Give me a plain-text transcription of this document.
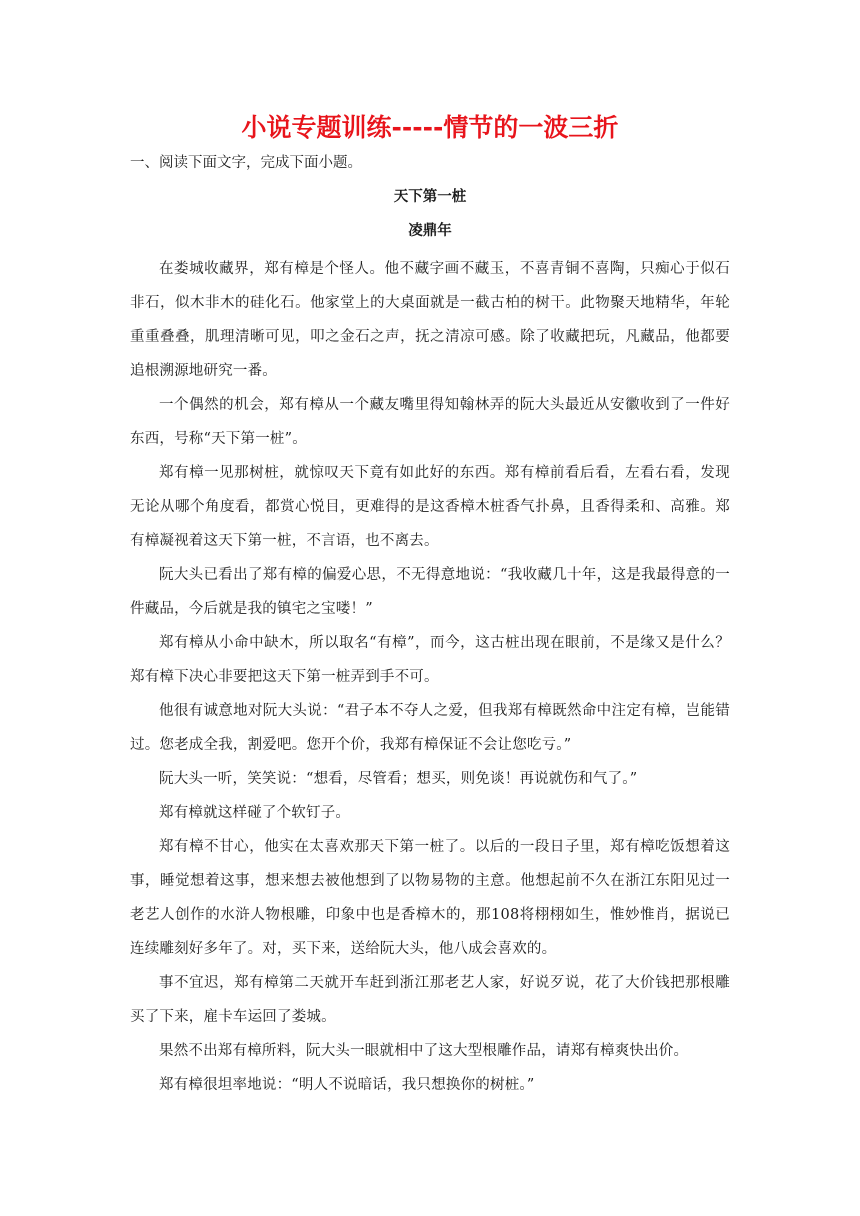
小说专题训练-----情节的一波三折

一、阅读下面文字，完成下面小题。

天下第一桩

凌鼎年

在娄城收藏界，郑有樟是个怪人。他不藏字画不藏玉，不喜青铜不喜陶，只痴心于似石非石，似木非木的硅化石。他家堂上的大桌面就是一截古柏的树干。此物聚天地精华，年轮重重叠叠，肌理清晰可见，叩之金石之声，抚之清凉可感。除了收藏把玩，凡藏品，他都要追根溯源地研究一番。

一个偶然的机会，郑有樟从一个藏友嘴里得知翰林弄的阮大头最近从安徽收到了一件好东西，号称“天下第一桩”。

郑有樟一见那树桩，就惊叹天下竟有如此好的东西。郑有樟前看后看，左看右看，发现无论从哪个角度看，都赏心悦目，更难得的是这香樟木桩香气扑鼻，且香得柔和、高雅。郑有樟凝视着这天下第一桩，不言语，也不离去。

阮大头已看出了郑有樟的偏爱心思，不无得意地说：“我收藏几十年，这是我最得意的一件藏品，今后就是我的镇宅之宝喽！”

郑有樟从小命中缺木，所以取名“有樟”，而今，这古桩出现在眼前，不是缘又是什么？郑有樟下决心非要把这天下第一桩弄到手不可。

他很有诚意地对阮大头说：“君子本不夺人之爱，但我郑有樟既然命中注定有樟，岂能错过。您老成全我，割爱吧。您开个价，我郑有樟保证不会让您吃亏。”

阮大头一听，笑笑说：“想看，尽管看；想买，则免谈！再说就伤和气了。”

郑有樟就这样碰了个软钉子。

郑有樟不甘心，他实在太喜欢那天下第一桩了。以后的一段日子里，郑有樟吃饭想着这事，睡觉想着这事，想来想去被他想到了以物易物的主意。他想起前不久在浙江东阳见过一老艺人创作的水浒人物根雕，印象中也是香樟木的，那108将栩栩如生，惟妙惟肖，据说已连续雕刻好多年了。对，买下来，送给阮大头，他八成会喜欢的。

事不宜迟，郑有樟第二天就开车赶到浙江那老艺人家，好说歹说，花了大价钱把那根雕买了下来，雇卡车运回了娄城。

果然不出郑有樟所料，阮大头一眼就相中了这大型根雕作品，请郑有樟爽快出价。

郑有樟很坦率地说：“明人不说暗话，我只想换你的树桩。”
